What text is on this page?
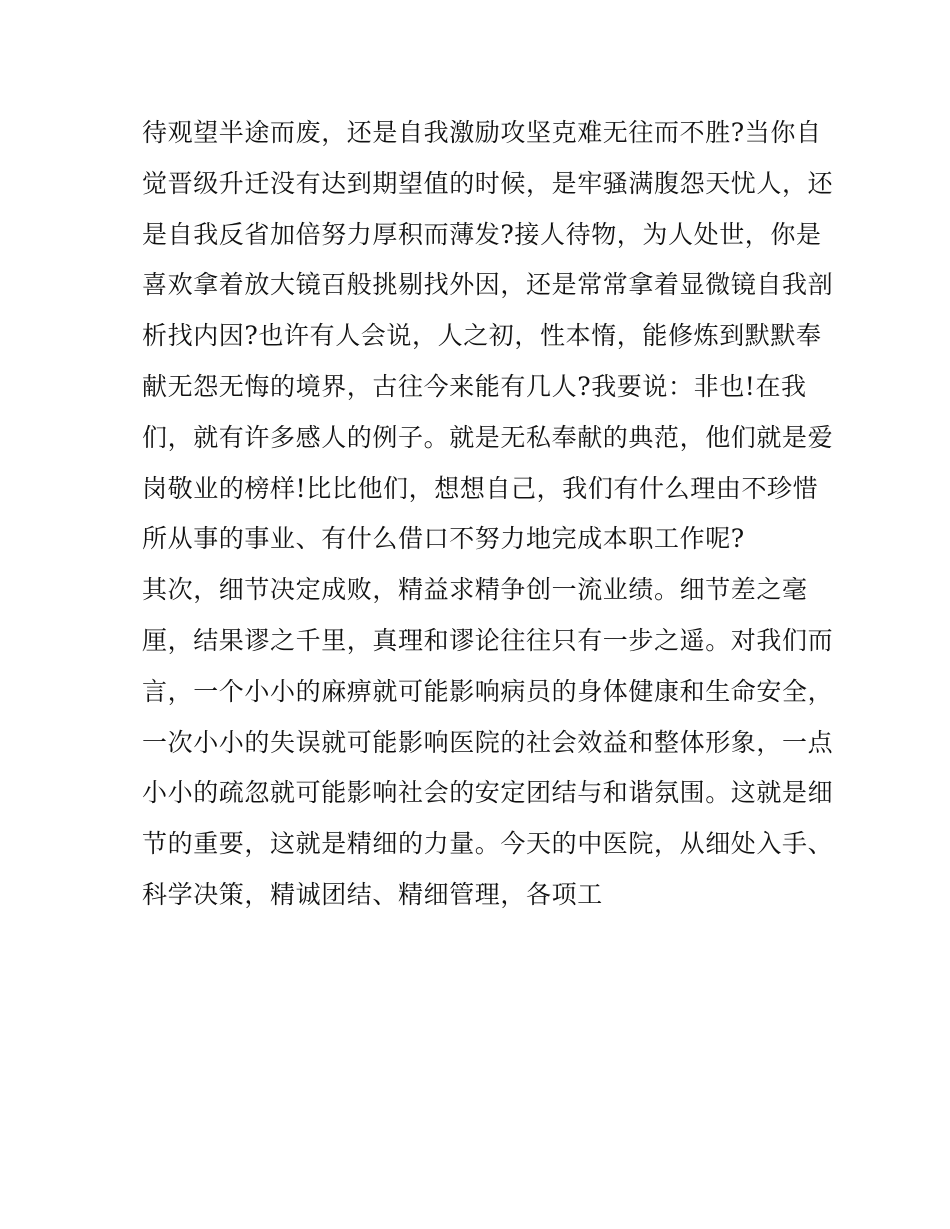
待观望半途而废，还是自我激励攻坚克难无往而不胜?当你自
觉晋级升迁没有达到期望值的时候，是牢骚满腹怨天忧人，还
是自我反省加倍努力厚积而薄发?接人待物，为人处世，你是
喜欢拿着放大镜百般挑剔找外因，还是常常拿着显微镜自我剖
析找内因?也许有人会说，人之初，性本惰，能修炼到默默奉
献无怨无悔的境界，古往今来能有几人?我要说：非也!在我
们，就有许多感人的例子。就是无私奉献的典范，他们就是爱
岗敬业的榜样!比比他们，想想自己，我们有什么理由不珍惜
所从事的事业、有什么借口不努力地完成本职工作呢?
其次，细节决定成败，精益求精争创一流业绩。细节差之毫
厘，结果谬之千里，真理和谬论往往只有一步之遥。对我们而
言，一个小小的麻痹就可能影响病员的身体健康和生命安全，
一次小小的失误就可能影响医院的社会效益和整体形象，一点
小小的疏忽就可能影响社会的安定团结与和谐氛围。这就是细
节的重要，这就是精细的力量。今天的中医院，从细处入手、
科学决策，精诚团结、精细管理，各项工
